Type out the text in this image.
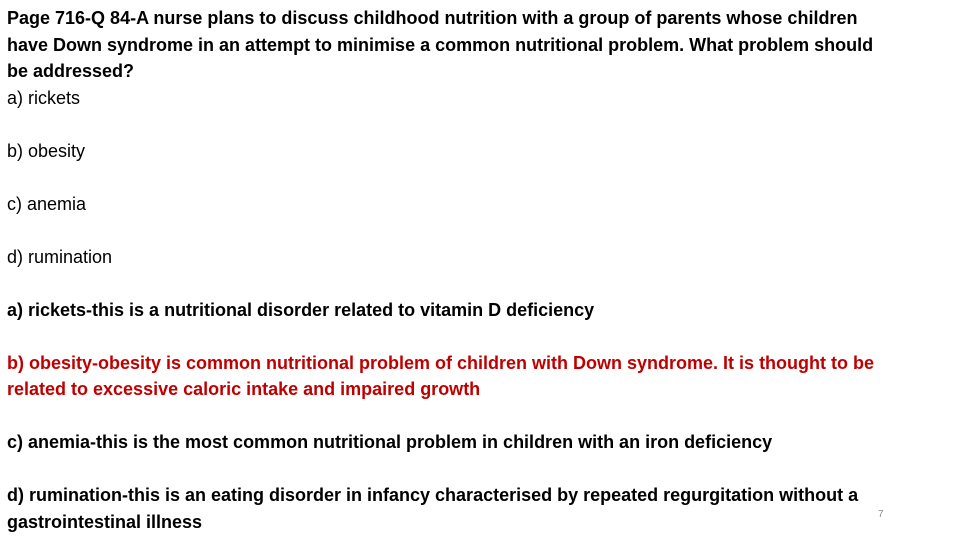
Page 716-Q 84-A nurse plans to discuss childhood nutrition with a group of parents whose children
have Down syndrome in an attempt to minimise a common nutritional problem. What problem should
be addressed?
a) rickets
b) obesity
c) anemia
d) rumination
a) rickets-this is a nutritional disorder related to vitamin D deficiency
b) obesity-obesity is common nutritional problem of children with Down syndrome. It is thought to be
related to excessive caloric intake and impaired growth
c) anemia-this is the most common nutritional problem in children with an iron deficiency
d) rumination-this is an eating disorder in infancy characterised by repeated regurgitation without a
gastrointestinal illness	7
